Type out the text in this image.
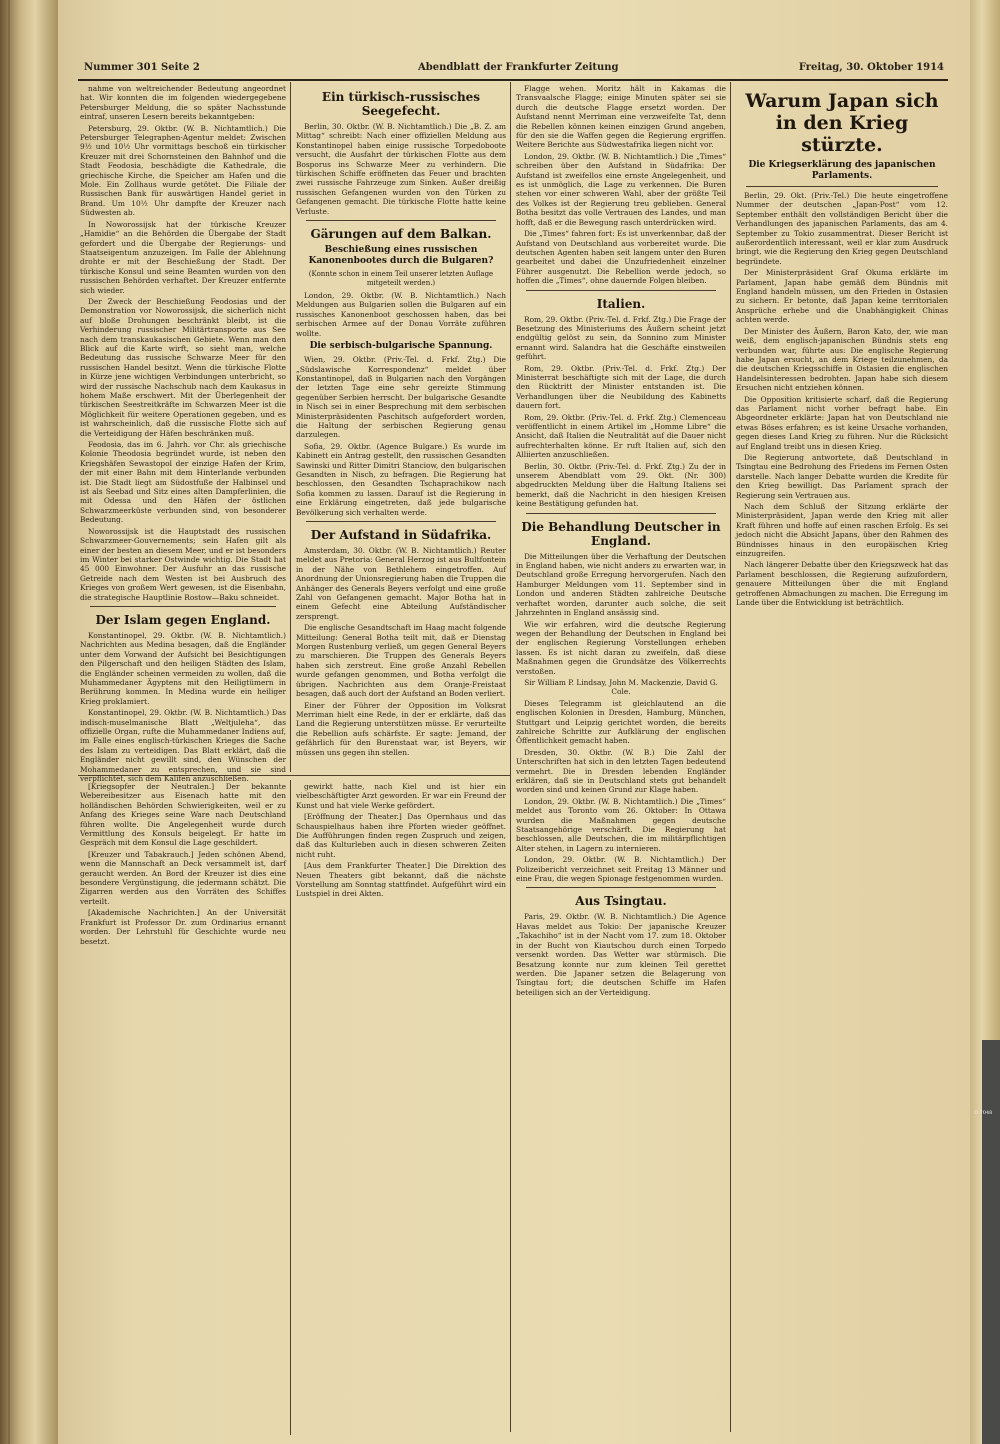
Nummer 301 Seite 2	Abendblatt der Frankfurter Zeitung	Freitag, 30. Oktober 1914

nahme von weltreichender Bedeutung angeordnet hat. Wir konnten die im folgenden wiedergegebene Petersburger Meldung, die so später Nachsstunde eintraf, unseren Lesern bereits bekanntgeben:

Petersburg, 29. Oktbr. (W. B. Nichtamtlich.) Die Petersburger Telegraphen-Agentur meldet: Zwischen 9½ und 10½ Uhr vormittags beschoß ein türkischer Kreuzer mit drei Schornsteinen den Bahnhof und die Stadt Feodosia, beschädigte die Kathedrale, die griechische Kirche, die Speicher am Hafen und die Mole. Ein Zollhaus wurde getötet. Die Filiale der Russischen Bank für auswärtigen Handel geriet in Brand. Um 10½ Uhr dampfte der Kreuzer nach Südwesten ab.

In Noworossijsk hat der türkische Kreuzer „Hamidie“ an die Behörden die Übergabe der Stadt gefordert und die Übergabe der Regierungs- und Staatseigentum anzuzeigen. Im Falle der Ablehnung drohte er mit der Beschießung der Stadt. Der türkische Konsul und seine Beamten wurden von den russischen Behörden verhaftet. Der Kreuzer entfernte sich wieder.

Der Zweck der Beschießung Feodosias und der Demonstration vor Noworossijsk, die sicherlich nicht auf bloße Drohungen beschränkt bleibt, ist die Verhinderung russischer Militärtransporte aus See nach dem transkaukasischen Gebiete. Wenn man den Blick auf die Karte wirft, so sieht man, welche Bedeutung das russische Schwarze Meer für den russischen Handel besitzt. Wenn die türkische Flotte in Kürze jene wichtigen Verbindungen unterbricht, so wird der russische Nachschub nach dem Kaukasus in hohem Maße erschwert. Mit der Überlegenheit der türkischen Seestreitkräfte im Schwarzen Meer ist die Möglichkeit für weitere Operationen gegeben, und es ist wahrscheinlich, daß die russische Flotte sich auf die Verteidigung der Häfen beschränken muß.

Feodosia, das im 6. Jahrh. vor Chr. als griechische Kolonie Theodosia begründet wurde, ist neben den Kriegshäfen Sewastopol der einzige Hafen der Krim, der mit einer Bahn mit dem Hinterlande verbunden ist. Die Stadt liegt am Südostfuße der Halbinsel und ist als Seebad und Sitz eines alten Dampferlinien, die mit Odessa und den Häfen der östlichen Schwarzmeerküste verbunden sind, von besonderer Bedeutung.

Noworossijsk ist die Hauptstadt des russischen Schwarzmeer-Gouvernements; sein Hafen gilt als einer der besten an diesem Meer, und er ist besonders im Winter bei starker Ostwinde wichtig. Die Stadt hat 45 000 Einwohner. Der Ausfuhr an das russische Getreide nach dem Westen ist bei Ausbruch des Krieges von großem Wert gewesen, ist die Eisenbahn, die strategische Hauptlinie Rostow—Baku schneidet.

Der Islam gegen England.

Konstantinopel, 29. Oktbr. (W. B. Nichtamtlich.) Nachrichten aus Medina besagen, daß die Engländer unter dem Vorwand der Aufsicht bei Besichtigungen den Pilgerschaft und den heiligen Städten des Islam, die Engländer scheinen vermeiden zu wollen, daß die Muhammedaner Ägyptens mit den Heiligtümern in Berührung kommen. In Medina wurde ein heiliger Krieg proklamiert.

Konstantinopel, 29. Oktbr. (W. B. Nichtamtlich.) Das indisch-muselmanische Blatt „Weltjuleha“, das offizielle Organ, rufte die Muhammedaner Indiens auf, im Falle eines englisch-türkischen Krieges die Sache des Islam zu verteidigen. Das Blatt erklärt, daß die Engländer nicht gewillt sind, den Wünschen der Mohammedaner zu entsprechen, und sie sind verpflichtet, sich dem Kalifen anzuschließen.

Ein türkisch-russisches Seegefecht.

Berlin, 30. Oktbr. (W. B. Nichtamtlich.) Die „B. Z. am Mittag“ schreibt: Nach einer offiziellen Meldung aus Konstantinopel haben einige russische Torpedoboote versucht, die Ausfahrt der türkischen Flotte aus dem Bosporus ins Schwarze Meer zu verhindern. Die türkischen Schiffe eröffneten das Feuer und brachten zwei russische Fahrzeuge zum Sinken. Außer dreißig russischen Gefangenen wurden von den Türken zu Gefangenen gemacht. Die türkische Flotte hatte keine Verluste.

Gärungen auf dem Balkan.
Beschießung eines russischen Kanonenbootes durch die Bulgaren?
(Konnte schon in einem Teil unserer letzten Auflage mitgeteilt werden.)

London, 29. Oktbr. (W. B. Nichtamtlich.) Nach Meldungen aus Bulgarien sollen die Bulgaren auf ein russisches Kanonenboot geschossen haben, das bei serbischen Armee auf der Donau Vorräte zuführen wollte.

Die serbisch-bulgarische Spannung.

Wien, 29. Oktbr. (Priv.-Tel. d. Frkf. Ztg.) Die „Südslawische Korrespondenz“ meldet über Konstantinopel, daß in Bulgarien nach den Vorgängen der letzten Tage eine sehr gereizte Stimmung gegenüber Serbien herrscht. Der bulgarische Gesandte in Nisch sei in einer Besprechung mit dem serbischen Ministerpräsidenten Paschitsch aufgefordert worden, die Haltung der serbischen Regierung genau darzulegen.

Sofia, 29. Oktbr. (Agence Bulgare.) Es wurde im Kabinett ein Antrag gestellt, den russischen Gesandten Sawinski und Ritter Dimitri Stanciow, den bulgarischen Gesandten in Nisch, zu befragen. Die Regierung hat beschlossen, den Gesandten Tschaprachikow nach Sofia kommen zu lassen. Darauf ist die Regierung in eine Erklärung eingetreten, daß jede bulgarische Bevölkerung sich verhalten werde.

Der Aufstand in Südafrika.

Amsterdam, 30. Oktbr. (W. B. Nichtamtlich.) Reuter meldet aus Pretoria: General Herzog ist aus Bultfontein in der Nähe von Bethlehem eingetroffen. Auf Anordnung der Unionsregierung haben die Truppen die Anhänger des Generals Beyers verfolgt und eine große Zahl von Gefangenen gemacht. Major Botha hat in einem Gefecht eine Abteilung Aufständischer zersprengt.

Die englische Gesandtschaft im Haag macht folgende Mitteilung: General Botha teilt mit, daß er Dienstag Morgen Rustenburg verließ, um gegen General Beyers zu marschieren. Die Truppen des Generals Beyers haben sich zerstreut. Eine große Anzahl Rebellen wurde gefangen genommen, und Botha verfolgt die übrigen. Nachrichten aus dem Oranje-Freistaat besagen, daß auch dort der Aufstand an Boden verliert.

Einer der Führer der Opposition im Volksrat Merriman hielt eine Rede, in der er erklärte, daß das Land die Regierung unterstützen müsse. Er verurteilte die Rebellion aufs schärfste. Er sagte: Jemand, der gefährlich für den Burenstaat war, ist Beyers, wir müssen uns gegen ihn stellen.

Flagge wehen. Moritz hält in Kakamas die Transvaalsche Flagge; einige Minuten später sei sie durch die deutsche Flagge ersetzt worden. Der Aufstand nennt Merriman eine verzweifelte Tat, denn die Rebellen können keinen einzigen Grund angeben, für den sie die Waffen gegen die Regierung ergriffen. Weitere Berichte aus Südwestafrika liegen nicht vor.

London, 29. Oktbr. (W. B. Nichtamtlich.) Die „Times“ schreiben über den Aufstand in Südafrika: Der Aufstand ist zweifellos eine ernste Angelegenheit, und es ist unmöglich, die Lage zu verkennen. Die Buren stehen vor einer schweren Wahl, aber der größte Teil des Volkes ist der Regierung treu geblieben. General Botha besitzt das volle Vertrauen des Landes, und man hofft, daß er die Bewegung rasch unterdrücken wird.

Die „Times“ fahren fort: Es ist unverkennbar, daß der Aufstand von Deutschland aus vorbereitet wurde. Die deutschen Agenten haben seit langem unter den Buren gearbeitet und dabei die Unzufriedenheit einzelner Führer ausgenutzt. Die Rebellion werde jedoch, so hoffen die „Times“, ohne dauernde Folgen bleiben.

Italien.

Rom, 29. Oktbr. (Priv.-Tel. d. Frkf. Ztg.) Die Frage der Besetzung des Ministeriums des Äußern scheint jetzt endgültig gelöst zu sein, da Sonnino zum Minister ernannt wird. Salandra hat die Geschäfte einstweilen geführt.

Rom, 29. Oktbr. (Priv.-Tel. d. Frkf. Ztg.) Der Ministerrat beschäftigte sich mit der Lage, die durch den Rücktritt der Minister entstanden ist. Die Verhandlungen über die Neubildung des Kabinetts dauern fort.

Rom, 29. Oktbr. (Priv.-Tel. d. Frkf. Ztg.) Clemenceau veröffentlicht in einem Artikel im „Homme Libre“ die Ansicht, daß Italien die Neutralität auf die Dauer nicht aufrechterhalten könne. Er ruft Italien auf, sich den Alliierten anzuschließen.

Berlin, 30. Oktbr. (Priv.-Tel. d. Frkf. Ztg.) Zu der in unserem Abendblatt vom 29. Okt. (Nr. 300) abgedruckten Meldung über die Haltung Italiens sei bemerkt, daß die Nachricht in den hiesigen Kreisen keine Bestätigung gefunden hat.

Die Behandlung Deutscher in England.

Die Mitteilungen über die Verhaftung der Deutschen in England haben, wie nicht anders zu erwarten war, in Deutschland große Erregung hervorgerufen. Nach den Hamburger Meldungen vom 11. September sind in London und anderen Städten zahlreiche Deutsche verhaftet worden, darunter auch solche, die seit Jahrzehnten in England ansässig sind.

Wie wir erfahren, wird die deutsche Regierung wegen der Behandlung der Deutschen in England bei der englischen Regierung Vorstellungen erheben lassen. Es ist nicht daran zu zweifeln, daß diese Maßnahmen gegen die Grundsätze des Völkerrechts verstoßen.

Sir William P. Lindsay, John M. Mackenzie, David G. Cole.

Dieses Telegramm ist gleichlautend an die englischen Kolonien in Dresden, Hamburg, München, Stuttgart und Leipzig gerichtet worden, die bereits zahlreiche Schritte zur Aufklärung der englischen Öffentlichkeit gemacht haben.

Dresden, 30. Oktbr. (W. B.) Die Zahl der Unterschriften hat sich in den letzten Tagen bedeutend vermehrt. Die in Dresden lebenden Engländer erklären, daß sie in Deutschland stets gut behandelt worden sind und keinen Grund zur Klage haben.

London, 29. Oktbr. (W. B. Nichtamtlich.) Die „Times“ meldet aus Toronto vom 26. Oktober: In Ottawa wurden die Maßnahmen gegen deutsche Staatsangehörige verschärft. Die Regierung hat beschlossen, alle Deutschen, die im militärpflichtigen Alter stehen, in Lagern zu internieren.

London, 29. Oktbr. (W. B. Nichtamtlich.) Der Polizeibericht verzeichnet seit Freitag 13 Männer und eine Frau, die wegen Spionage festgenommen wurden.

Aus Tsingtau.

Paris, 29. Oktbr. (W. B. Nichtamtlich.) Die Agence Havas meldet aus Tokio: Der japanische Kreuzer „Takachiho“ ist in der Nacht vom 17. zum 18. Oktober in der Bucht von Kiautschou durch einen Torpedo versenkt worden. Das Wetter war stürmisch. Die Besatzung konnte nur zum kleinen Teil gerettet werden. Die Japaner setzen die Belagerung von Tsingtau fort; die deutschen Schiffe im Hafen beteiligen sich an der Verteidigung.

Warum Japan sich in den Krieg stürzte.
Die Kriegserklärung des japanischen Parlaments.

Berlin, 29. Okt. (Priv.-Tel.) Die heute eingetroffene Nummer der deutschen „Japan-Post“ vom 12. September enthält den vollständigen Bericht über die Verhandlungen des japanischen Parlaments, das am 4. September zu Tokio zusammentrat. Dieser Bericht ist außerordentlich interessant, weil er klar zum Ausdruck bringt, wie die Regierung den Krieg gegen Deutschland begründete.

Der Ministerpräsident Graf Okuma erklärte im Parlament, Japan habe gemäß dem Bündnis mit England handeln müssen, um den Frieden in Ostasien zu sichern. Er betonte, daß Japan keine territorialen Ansprüche erhebe und die Unabhängigkeit Chinas achten werde.

Der Minister des Äußern, Baron Kato, der, wie man weiß, dem englisch-japanischen Bündnis stets eng verbunden war, führte aus: Die englische Regierung habe Japan ersucht, an dem Kriege teilzunehmen, da die deutschen Kriegsschiffe in Ostasien die englischen Handelsinteressen bedrohten. Japan habe sich diesem Ersuchen nicht entziehen können.

Die Opposition kritisierte scharf, daß die Regierung das Parlament nicht vorher befragt habe. Ein Abgeordneter erklärte: Japan hat von Deutschland nie etwas Böses erfahren; es ist keine Ursache vorhanden, gegen dieses Land Krieg zu führen. Nur die Rücksicht auf England treibt uns in diesen Krieg.

Die Regierung antwortete, daß Deutschland in Tsingtau eine Bedrohung des Friedens im Fernen Osten darstelle. Nach langer Debatte wurden die Kredite für den Krieg bewilligt. Das Parlament sprach der Regierung sein Vertrauen aus.

Nach dem Schluß der Sitzung erklärte der Ministerpräsident, Japan werde den Krieg mit aller Kraft führen und hoffe auf einen raschen Erfolg. Es sei jedoch nicht die Absicht Japans, über den Rahmen des Bündnisses hinaus in den europäischen Krieg einzugreifen.

Nach längerer Debatte über den Kriegszweck hat das Parlament beschlossen, die Regierung aufzufordern, genauere Mitteilungen über die mit England getroffenen Abmachungen zu machen. Die Erregung im Lande über die Entwicklung ist beträchtlich.

[Kriegsopfer der Neutralen.] Der bekannte Webereibesitzer aus Eisenach hatte mit den holländischen Behörden Schwierigkeiten, weil er zu Anfang des Krieges seine Ware nach Deutschland führen wollte. Die Angelegenheit wurde durch Vermittlung des Konsuls beigelegt. Er hatte im Gespräch mit dem Konsul die Lage geschildert.

[Kreuzer und Tabakrauch.] Jeden schönen Abend, wenn die Mannschaft an Deck versammelt ist, darf geraucht werden. An Bord der Kreuzer ist dies eine besondere Vergünstigung, die jedermann schätzt. Die Zigarren werden aus den Vorräten des Schiffes verteilt.

[Akademische Nachrichten.] An der Universität Frankfurt ist Professor Dr. zum Ordinarius ernannt worden. Der Lehrstuhl für Geschichte wurde neu besetzt.

gewirkt hatte, nach Kiel und ist hier ein vielbeschäftigter Arzt geworden. Er war ein Freund der Kunst und hat viele Werke gefördert.

[Eröffnung der Theater.] Das Opernhaus und das Schauspielhaus haben ihre Pforten wieder geöffnet. Die Aufführungen finden regen Zuspruch und zeigen, daß das Kulturleben auch in diesen schweren Zeiten nicht ruht.

[Aus dem Frankfurter Theater.] Die Direktion des Neuen Theaters gibt bekannt, daß die nächste Vorstellung am Sonntag stattfindet. Aufgeführt wird ein Lustspiel in drei Akten.

D 7048
